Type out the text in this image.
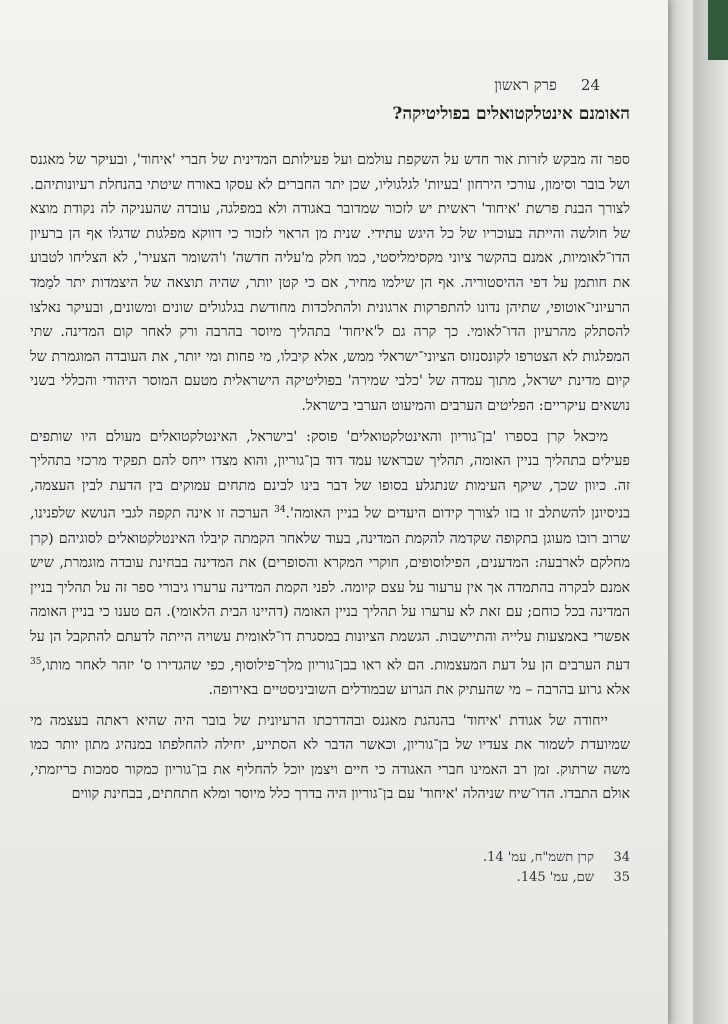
24
פרק ראשון
האומנם אינטלקטואלים בפוליטיקה?

ספר זה מבקש לזרות אור חדש על השקפת עולמם ועל פעילותם המדינית של חברי 'איחוד', ובעיקר של מאגנס ושל בובר וסימון, עורכי הירחון 'בעיות' לגלגוליו, שכן יתר החברים לא עסקו באורח שיטתי בהנחלת רעיונותיהם. לצורך הבנת פרשת 'איחוד' ראשית יש לזכור שמדובר באגודה ולא במפלגה, עובדה שהעניקה לה נקודת מוצא של חולשה והייתה בעוכריו של כל היגש עתידי. שנית מן הראוי לזכור כי דווקא מפלגות שדגלו אף הן ברעיון הדו־לאומיות, אמנם בהקשר ציוני מקסימליסטי, כמו חלק מ'עליה חדשה' ו'השומר הצעיר', לא הצליחו לטבוע את חותמן על דפי ההיסטוריה. אף הן שילמו מחיר, אם כי קטן יותר, שהיה תוצאה של היצמדות יתר למַמד הרעיוני־אוטופי, שתיהן נדונו להתפרקות ארגונית ולהתלכדות מחודשת בגלגולים שונים ומשונים, ובעיקר נאלצו להסתלק מהרעיון הדו־לאומי. כך קרה גם ל'איחוד' בתהליך מיוסר בהרבה ורק לאחר קום המדינה. שתי המפלגות לא הצטרפו לקונסנזוס הציוני־ישראלי ממש, אלא קיבלו, מי פחות ומי יותר, את העובדה המוגמרת של קיום מדינת ישראל, מתוך עמדה של 'כלבי שמירה' בפוליטיקה הישראלית מטעם המוסר היהודי והכללי בשני נושאים עיקריים: הפליטים הערבים והמיעוט הערבי בישראל.

מיכאל קרן בספרו 'בן־גוריון והאינטלקטואלים' פוסק: 'בישראל, האינטלקטואלים מעולם היו שותפים פעילים בתהליך בניין האומה, תהליך שבראשו עמד דוד בן־גוריון, והוא מצדו ייחס להם תפקיד מרכזי בתהליך זה. כיוון שכך, שיקף העימות שנתגלע בסופו של דבר בינו לבינם מתחים עמוקים בין הדעת לבין העצמה, בניסיונן להשתלב זו בזו לצורך קידום היעדים של בניין האומה'.$^{34}$ הערכה זו אינה תקפה לגבי הנושא שלפנינו, שרוב רובו מעוגן בתקופה שקדמה להקמת המדינה, בעוד שלאחר הקמתה קיבלו האינטלקטואלים לסוגיהם (קרן מחלקם לארבעה: המדענים, הפילוסופים, חוקרי המקרא והסופרים) את המדינה בבחינת עובדה מוגמרת, שיש אמנם לבקרה בהתמדה אך אין ערעור על עצם קיומה. לפני הקמת המדינה ערערו גיבורי ספר זה על תהליך בניין המדינה בכל כוחם; עם זאת לא ערערו על תהליך בניין האומה (דהיינו הבית הלאומי). הם טענו כי בניין האומה אפשרי באמצעות עלייה והתיישבות. הגשמת הציונות במסגרת דו־לאומית עשויה הייתה לדעתם להתקבל הן על דעת הערבים הן על דעת המעצמות. הם לא ראו בבן־גוריון מלך־פילוסוף, כפי שהגדירו ס' יזהר לאחר מותו,$^{35}$ אלא גרוע בהרבה – מי שהעתיק את הגרוע שבמודלים השוביניסטיים באירופה.

ייחודה של אגודת 'איחוד' בהנהגת מאגנס ובהדרכתו הרעיונית של בובר היה שהיא ראתה בעצמה מי שמיועדת לשמור את צעדיו של בן־גוריון, וכאשר הדבר לא הסתייע, יחילה להחלפתו במנהיג מתון יותר כמו משה שרתוק. זמן רב האמינו חברי האגודה כי חיים ויצמן יוכל להחליף את בן־גוריון כמקור סמכות כריזמתי, אולם התבדו. הדו־שיח שניהלה 'איחוד' עם בן־גוריון היה בדרך כלל מיוסר ומלא חתחתים, בבחינת קווים

34
קרן תשמ"ח, עמ' 14.
35
שם, עמ' 145.
